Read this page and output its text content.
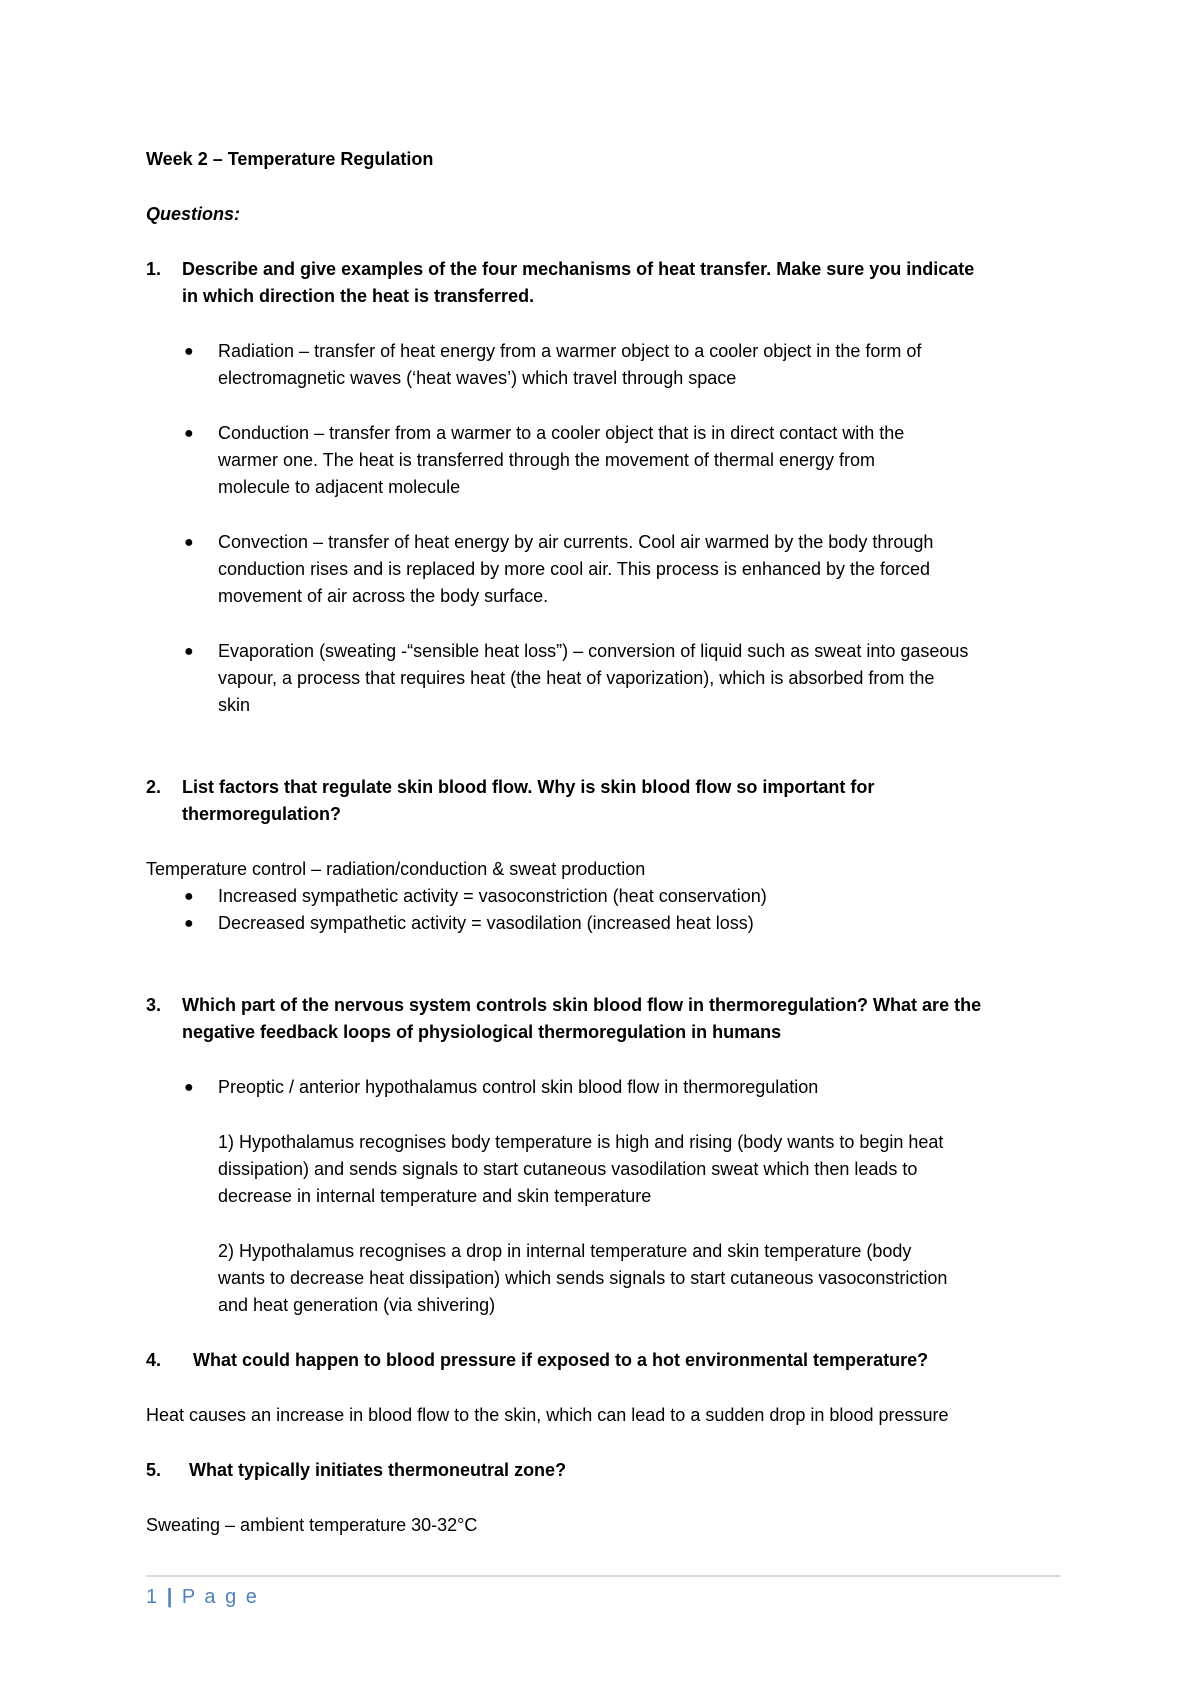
Week 2 – Temperature Regulation
Questions:
1. Describe and give examples of the four mechanisms of heat transfer. Make sure you indicate
in which direction the heat is transferred.
● Radiation – transfer of heat energy from a warmer object to a cooler object in the form of
electromagnetic waves (‘heat waves’) which travel through space
● Conduction – transfer from a warmer to a cooler object that is in direct contact with the
warmer one. The heat is transferred through the movement of thermal energy from
molecule to adjacent molecule
● Convection – transfer of heat energy by air currents. Cool air warmed by the body through
conduction rises and is replaced by more cool air. This process is enhanced by the forced
movement of air across the body surface.
● Evaporation (sweating -“sensible heat loss”) – conversion of liquid such as sweat into gaseous
vapour, a process that requires heat (the heat of vaporization), which is absorbed from the
skin
2. List factors that regulate skin blood flow. Why is skin blood flow so important for
thermoregulation?
Temperature control – radiation/conduction & sweat production
● Increased sympathetic activity = vasoconstriction (heat conservation)
● Decreased sympathetic activity = vasodilation (increased heat loss)
3. Which part of the nervous system controls skin blood flow in thermoregulation? What are the
negative feedback loops of physiological thermoregulation in humans
● Preoptic / anterior hypothalamus control skin blood flow in thermoregulation
1) Hypothalamus recognises body temperature is high and rising (body wants to begin heat
dissipation) and sends signals to start cutaneous vasodilation sweat which then leads to
decrease in internal temperature and skin temperature
2) Hypothalamus recognises a drop in internal temperature and skin temperature (body
wants to decrease heat dissipation) which sends signals to start cutaneous vasoconstriction
and heat generation (via shivering)
4. What could happen to blood pressure if exposed to a hot environmental temperature?
Heat causes an increase in blood flow to the skin, which can lead to a sudden drop in blood pressure
5. What typically initiates thermoneutral zone?
Sweating – ambient temperature 30-32°C
1 | P a g e
